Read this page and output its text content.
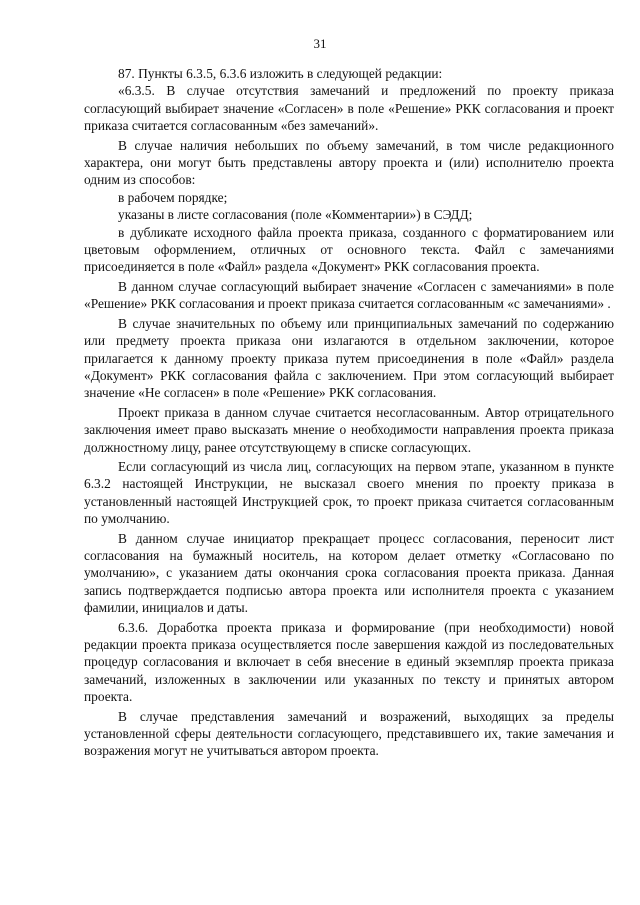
31

87. Пункты 6.3.5, 6.3.6 изложить в следующей редакции:

«6.3.5. В случае отсутствия замечаний и предложений по проекту приказа согласующий выбирает значение «Согласен» в поле «Решение» РКК согласования и проект приказа считается согласованным «без замечаний».

В случае наличия небольших по объему замечаний, в том числе редакционного характера, они могут быть представлены автору проекта и (или) исполнителю проекта одним из способов:

в рабочем порядке;

указаны в листе согласования (поле «Комментарии») в СЭДД;

в дубликате исходного файла проекта приказа, созданного с форматированием или цветовым оформлением, отличных от основного текста. Файл с замечаниями присоединяется в поле «Файл» раздела «Документ» РКК согласования проекта.

В данном случае согласующий выбирает значение «Согласен с замечаниями» в поле «Решение» РКК согласования и проект приказа считается согласованным «с замечаниями» .

В случае значительных по объему или принципиальных замечаний по содержанию или предмету проекта приказа они излагаются в отдельном заключении, которое прилагается к данному проекту приказа путем присоединения в поле «Файл» раздела «Документ» РКК согласования файла с заключением. При этом согласующий выбирает значение «Не согласен» в поле «Решение» РКК согласования.

Проект приказа в данном случае считается несогласованным. Автор отрицательного заключения имеет право высказать мнение о необходимости направления проекта приказа должностному лицу, ранее отсутствующему в списке согласующих.

Если согласующий из числа лиц, согласующих на первом этапе, указанном в пункте 6.3.2 настоящей Инструкции, не высказал своего мнения по проекту приказа в установленный настоящей Инструкцией срок, то проект приказа считается согласованным по умолчанию.

В данном случае инициатор прекращает процесс согласования, переносит лист согласования на бумажный носитель, на котором делает отметку «Согласовано по умолчанию», с указанием даты окончания срока согласования проекта приказа. Данная запись подтверждается подписью автора проекта или исполнителя проекта с указанием фамилии, инициалов и даты.

6.3.6. Доработка проекта приказа и формирование (при необходимости) новой редакции проекта приказа осуществляется после завершения каждой из последовательных процедур согласования и включает в себя внесение в единый экземпляр проекта приказа замечаний, изложенных в заключении или указанных по тексту и принятых автором проекта.

В случае представления замечаний и возражений, выходящих за пределы установленной сферы деятельности согласующего, представившего их, такие замечания и возражения могут не учитываться автором проекта.
